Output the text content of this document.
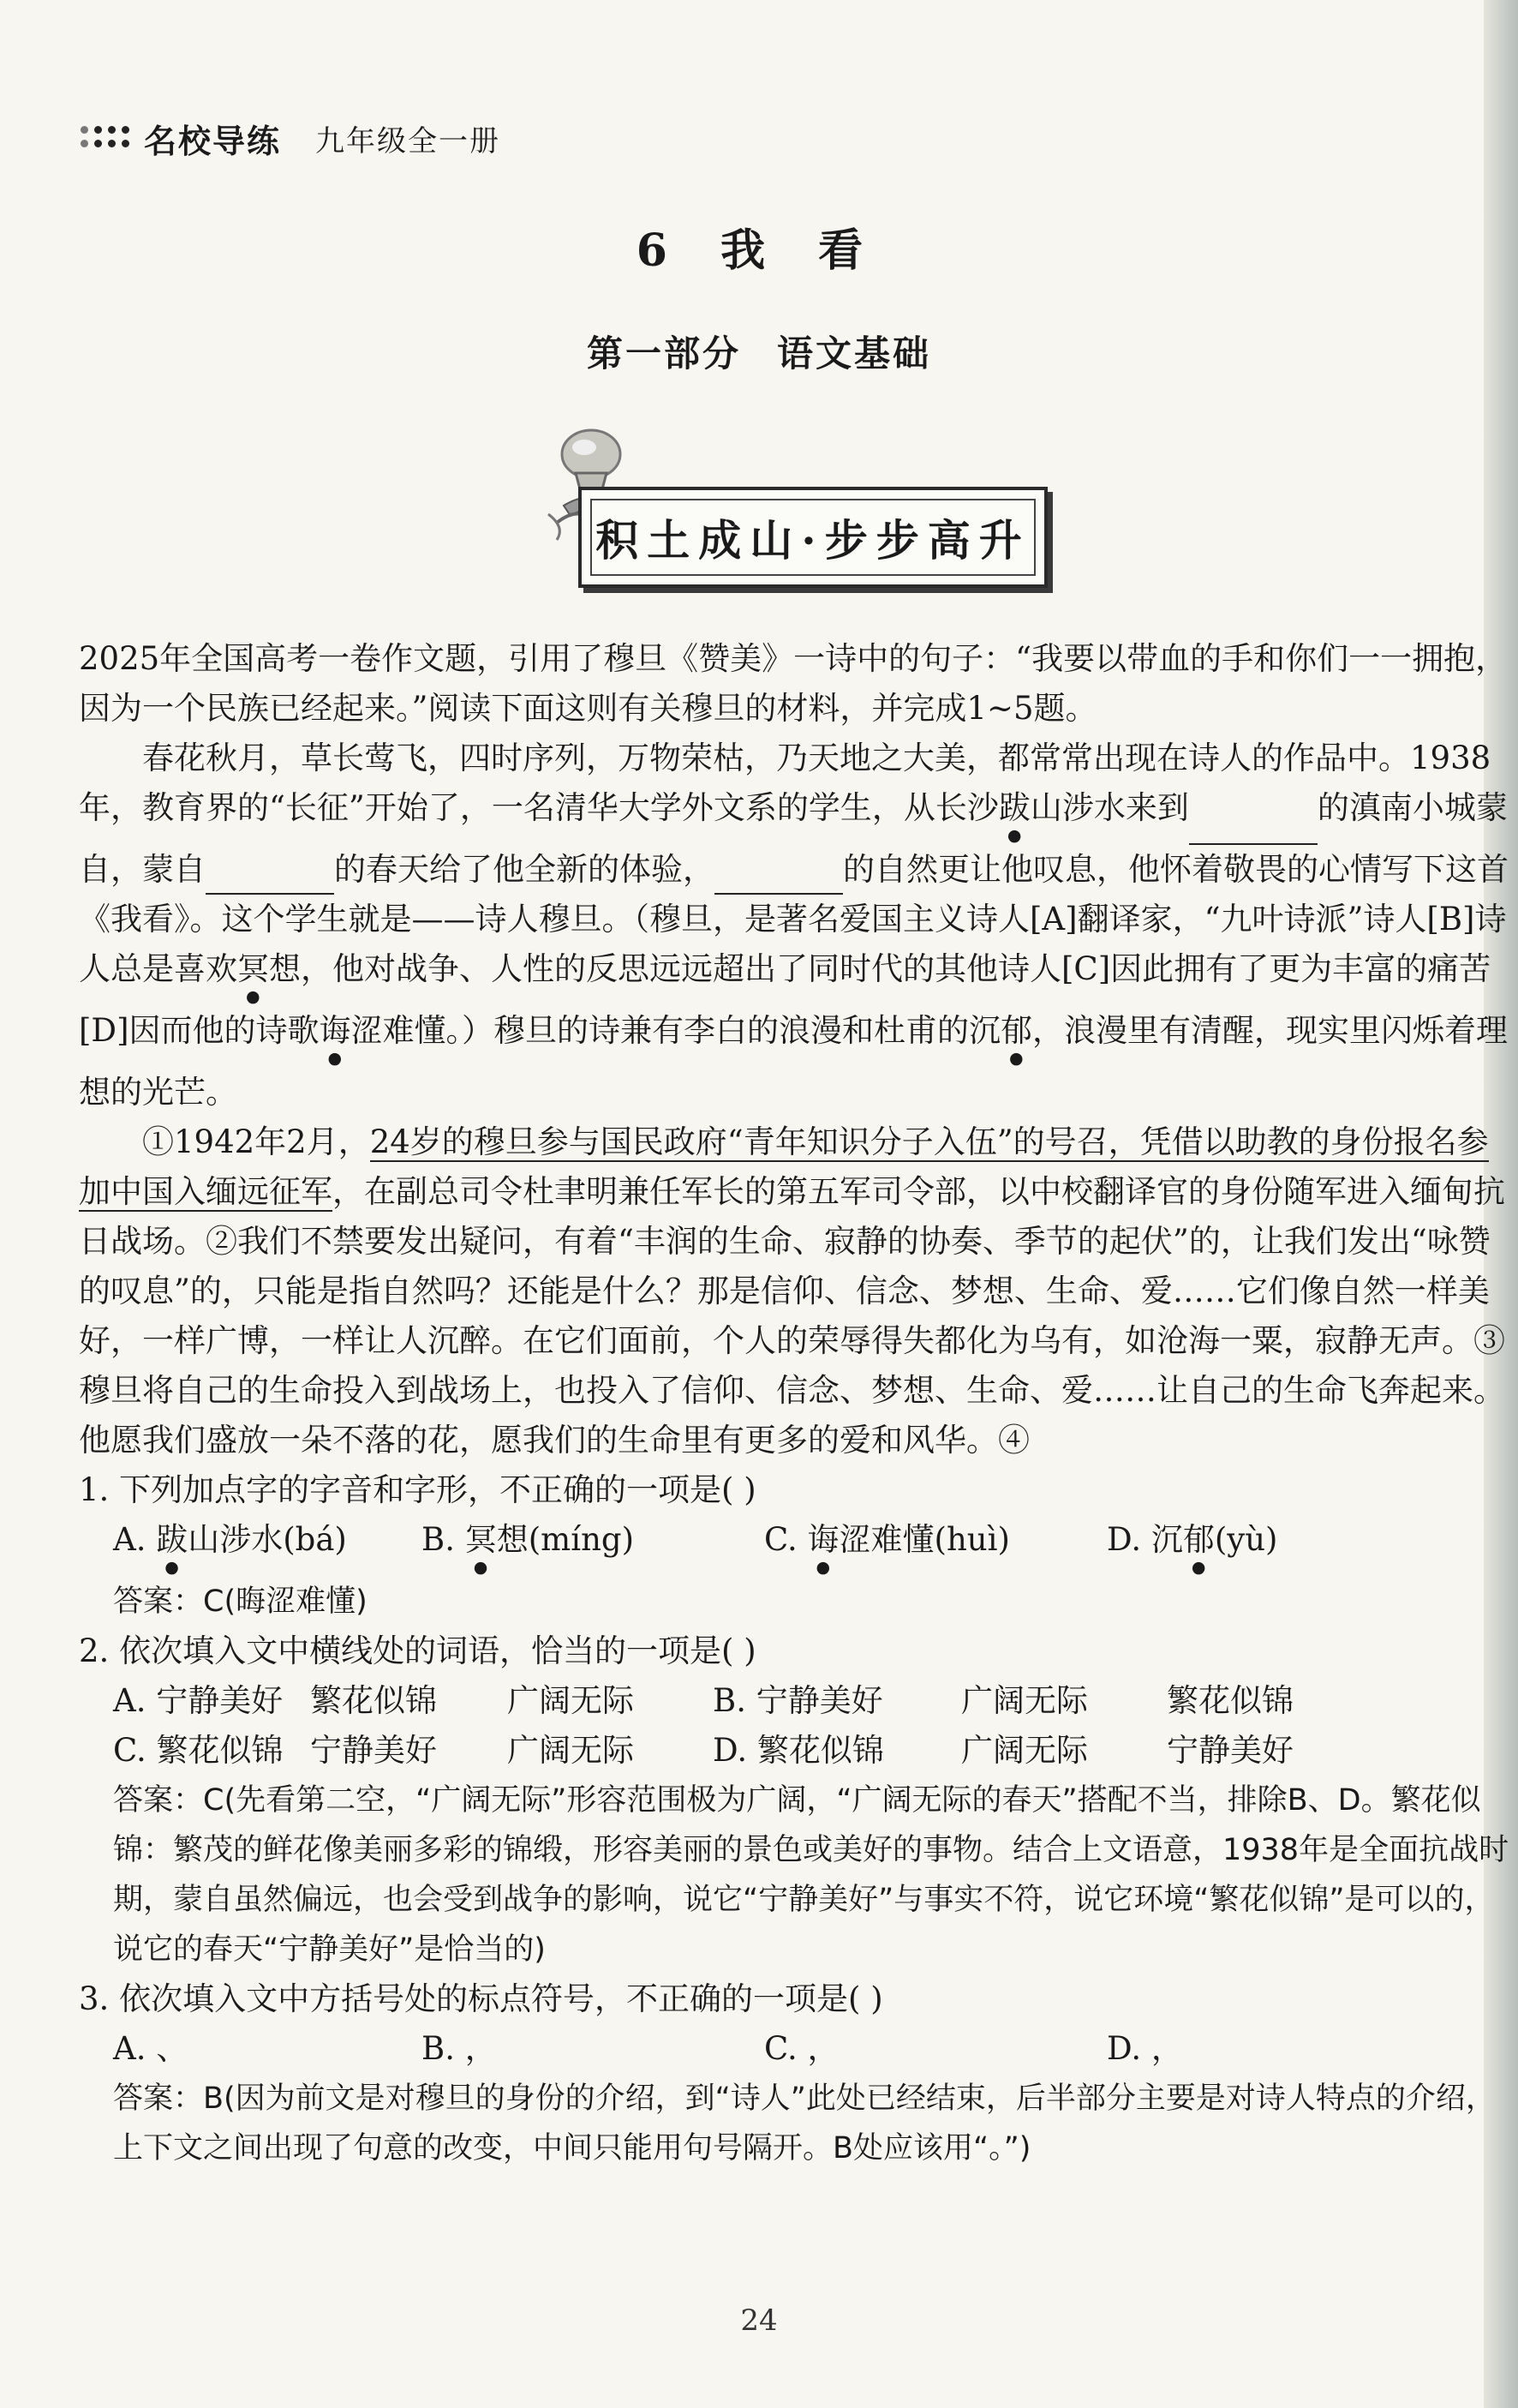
名校导练 九年级全一册
6 我 看
第一部分 语文基础
积土成山·步步高升

2025年全国高考一卷作文题，引用了穆旦《赞美》一诗中的句子：“我要以带血的手和你们一一拥抱，因为一个民族已经起来。”阅读下面这则有关穆旦的材料，并完成1~5题。

春花秋月，草长莺飞，四时序列，万物荣枯，乃天地之大美，都常常出现在诗人的作品中。1938年，教育界的“长征”开始了，一名清华大学外文系的学生，从长沙跋山涉水来到	的滇南小城蒙自，蒙自	的春天给了他全新的体验，	的自然更让他叹息，他怀着敬畏的心情写下这首《我看》。这个学生就是——诗人穆旦。（穆旦，是著名爱国主义诗人[A]翻译家，“九叶诗派”诗人[B]诗人总是喜欢冥想，他对战争、人性的反思远远超出了同时代的其他诗人[C]因此拥有了更为丰富的痛苦[D]因而他的诗歌诲涩难懂。）穆旦的诗兼有李白的浪漫和杜甫的沉郁，浪漫里有清醒，现实里闪烁着理想的光芒。

①1942年2月，24岁的穆旦参与国民政府“青年知识分子入伍”的号召，凭借以助教的身份报名参加中国入缅远征军，在副总司令杜聿明兼任军长的第五军司令部，以中校翻译官的身份随军进入缅甸抗日战场。②我们不禁要发出疑问，有着“丰润的生命、寂静的协奏、季节的起伏”的，让我们发出“咏赞的叹息”的，只能是指自然吗？还能是什么？那是信仰、信念、梦想、生命、爱……它们像自然一样美好，一样广博，一样让人沉醉。在它们面前，个人的荣辱得失都化为乌有，如沧海一粟，寂静无声。③穆旦将自己的生命投入到战场上，也投入了信仰、信念、梦想、生命、爱……让自己的生命飞奔起来。他愿我们盛放一朵不落的花，愿我们的生命里有更多的爱和风华。④

1. 下列加点字的字音和字形，不正确的一项是( )
A. 跋山涉水(bá)	B. 冥想(míng)	C. 诲涩难懂(huì)	D. 沉郁(yù)
答案：C(晦涩难懂)
2. 依次填入文中横线处的词语，恰当的一项是( )
A. 宁静美好 繁花似锦	广阔无际	B. 宁静美好	广阔无际	繁花似锦
C. 繁花似锦 宁静美好	广阔无际	D. 繁花似锦	广阔无际	宁静美好
答案：C(先看第二空，“广阔无际”形容范围极为广阔，“广阔无际的春天”搭配不当，排除B、D。繁花似锦：繁茂的鲜花像美丽多彩的锦缎，形容美丽的景色或美好的事物。结合上文语意，1938年是全面抗战时期，蒙自虽然偏远，也会受到战争的影响，说它“宁静美好”与事实不符，说它环境“繁花似锦”是可以的，说它的春天“宁静美好”是恰当的)
3. 依次填入文中方括号处的标点符号，不正确的一项是( )
A. 、	B. ，	C. ，	D. ，
答案：B(因为前文是对穆旦的身份的介绍，到“诗人”此处已经结束，后半部分主要是对诗人特点的介绍，上下文之间出现了句意的改变，中间只能用句号隔开。B处应该用“。”)
24
